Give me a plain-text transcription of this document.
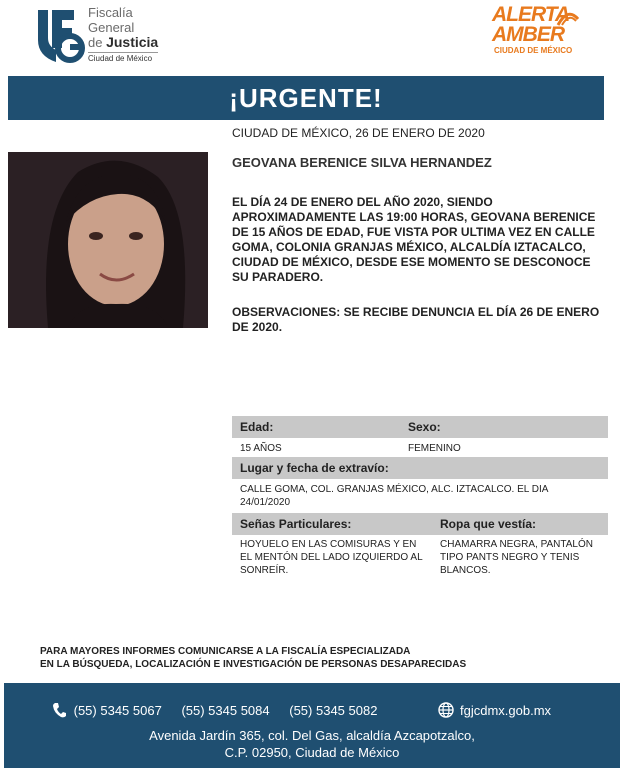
Fiscalía
General
de Justicia
Ciudad de México
ALERTA
AMBER
CIUDAD DE MÉXICO
¡URGENTE!
CIUDAD DE MÉXICO, 26 DE ENERO DE 2020
GEOVANA BERENICE SILVA HERNANDEZ
EL DÍA 24 DE ENERO DEL AÑO 2020, SIENDO APROXIMADAMENTE LAS 19:00 HORAS, GEOVANA BERENICE DE 15 AÑOS DE EDAD, FUE VISTA POR ULTIMA VEZ EN CALLE GOMA, COLONIA GRANJAS MÉXICO, ALCALDÍA IZTACALCO, CIUDAD DE MÉXICO, DESDE ESE MOMENTO SE DESCONOCE SU PARADERO.
OBSERVACIONES: SE RECIBE DENUNCIA EL DÍA 26 DE ENERO DE 2020.
Edad:	Sexo:
15 AÑOS	FEMENINO
Lugar y fecha de extravío:
CALLE GOMA, COL. GRANJAS MÉXICO, ALC. IZTACALCO. EL DIA 24/01/2020
Señas Particulares:	Ropa que vestía:
HOYUELO EN LAS COMISURAS Y EN EL MENTÓN DEL LADO IZQUIERDO AL SONREÍR.
CHAMARRA NEGRA, PANTALÓN TIPO PANTS NEGRO Y TENIS BLANCOS.
PARA MAYORES INFORMES COMUNICARSE A LA FISCALÍA ESPECIALIZADA
EN LA BÚSQUEDA, LOCALIZACIÓN E INVESTIGACIÓN DE PERSONAS DESAPARECIDAS
(55) 5345 5067 (55) 5345 5084 (55) 5345 5082	fgjcdmx.gob.mx
Avenida Jardín 365, col. Del Gas, alcaldía Azcapotzalco,
C.P. 02950, Ciudad de México
